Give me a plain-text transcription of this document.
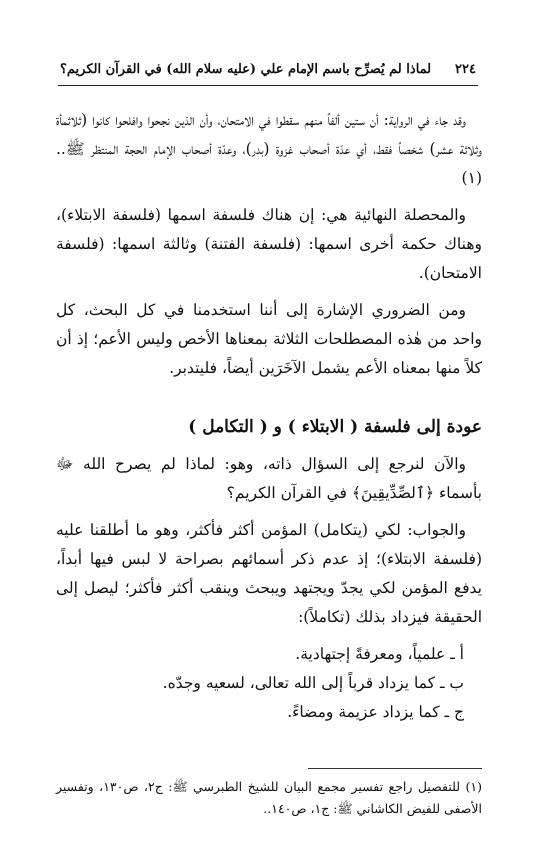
٢٢٤
لماذا لم يُصرِّح باسم الإمام علي (عليه سلام الله) في القرآن الكريم؟

وقد جاء في الرواية: أن ستين ألفاً منهم سقطوا في الامتحان، وأن الذين نجحوا وافلحوا كانوا (ثلاثمأة وثلاثة عشر) شخصاً فقط، أي عدّة أصحاب غزوة (بدر)، وعدّة أصحاب الإمام الحجة المنتظر ﷺ..(١)

والمحصلة النهائية هي: إن هناك فلسفة اسمها (فلسفة الابتلاء)، وهناك حكمة أخرى اسمها: (فلسفة الفتنة) وثالثة اسمها: (فلسفة الامتحان).

ومن الضروري الإشارة إلى أننا استخدمنا في كل البحث، كل واحد من هٰذه المصطلحات الثلاثة بمعناها الأخص وليس الأعم؛ إذ أن كلاً منها بمعناه الأعم يشمل الآخَرَين أيضاً، فليتدبر.

عودة إلى فلسفة ( الابتلاء ) و ( التكامل )

والآن لنرجع إلى السؤال ذاته، وهو: لماذا لم يصرح الله ﷻ بأسماء ﴿ٱلصِّدِّيقِينَ﴾ في القرآن الكريم؟

والجواب: لكي (يتكامل) المؤمن أكثر فأكثر، وهو ما أطلقنا عليه (فلسفة الابتلاء)؛ إذ عدم ذكر أسمائهم بصراحة لا لبس فيها أبداً، يدفع المؤمن لكي يجدّ ويجتهد ويبحث وينقب أكثر فأكثر؛ ليصل إلى الحقيقة فيزداد بذلك (تكاملاً):

أ ـ علمياً، ومعرفةً إجتهادية.

ب ـ كما يزداد قرباً إلى الله تعالى، لسعيه وجدّه.

ج ـ كما يزداد عزيمة ومضاءً.

(١) للتفصيل راجع تفسير مجمع البيان للشيخ الطبرسي ﷺ: ج٢، ص١٣٠، وتفسير الأصفى للفيض الكاشاني ﷺ: ج١، ص١٤٠..
